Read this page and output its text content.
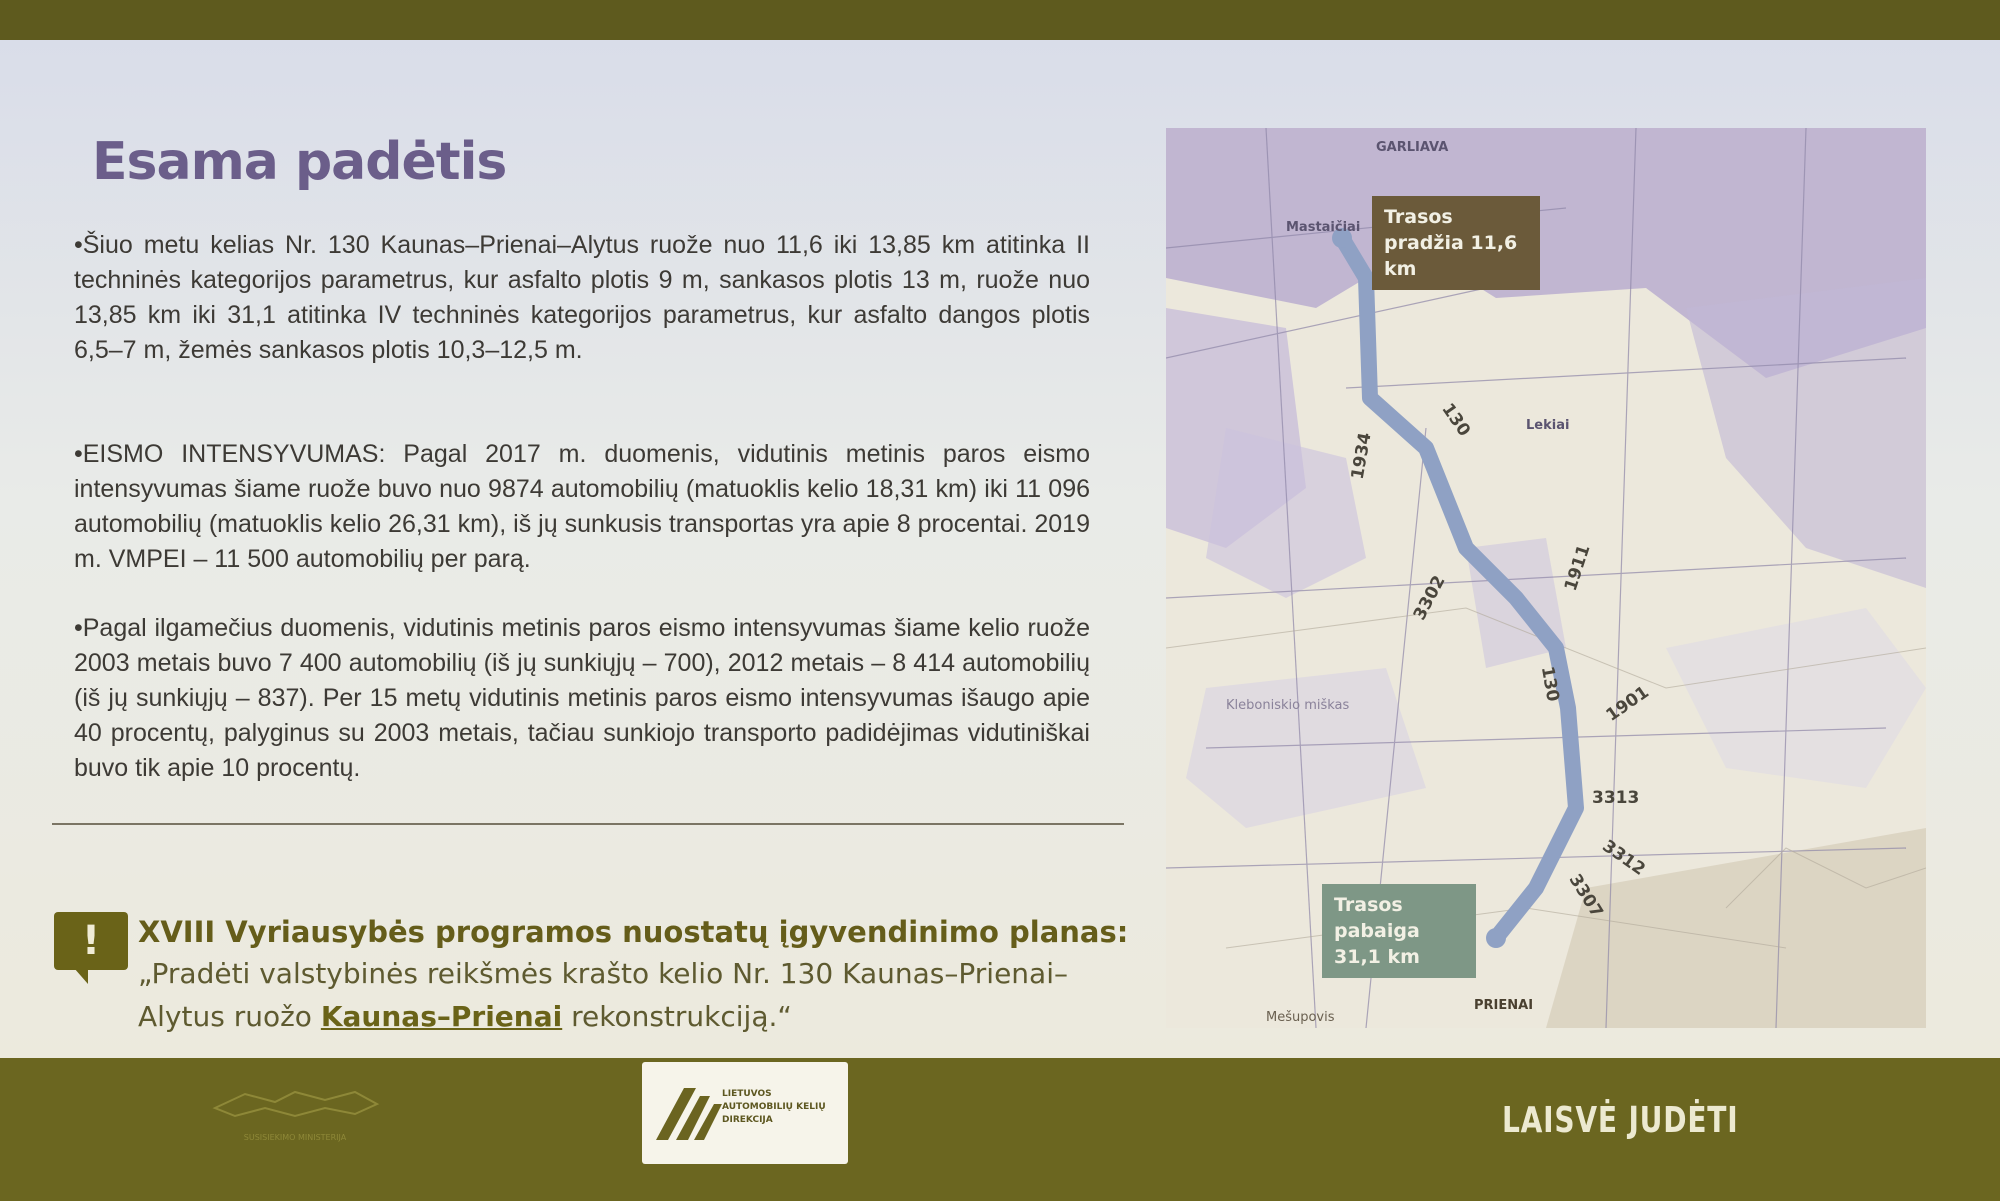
Esama padėtis

•Šiuo metu kelias Nr. 130 Kaunas–Prienai–Alytus ruože nuo 11,6 iki 13,85 km atitinka II techninės kategorijos parametrus, kur asfalto plotis 9 m, sankasos plotis 13 m, ruože nuo 13,85 km iki 31,1 atitinka IV techninės kategorijos parametrus, kur asfalto dangos plotis 6,5–7 m, žemės sankasos plotis 10,3–12,5 m.

•EISMO INTENSYVUMAS: Pagal 2017 m. duomenis, vidutinis metinis paros eismo intensyvumas šiame ruože buvo nuo 9874 automobilių (matuoklis kelio 18,31 km) iki 11 096 automobilių (matuoklis kelio 26,31 km), iš jų sunkusis transportas yra apie 8 procentai. 2019 m. VMPEI – 11 500 automobilių per parą.

•Pagal ilgamečius duomenis, vidutinis metinis paros eismo intensyvumas šiame kelio ruože 2003 metais buvo 7 400 automobilių (iš jų sunkiųjų – 700), 2012 metais – 8 414 automobilių (iš jų sunkiųjų – 837). Per 15 metų vidutinis metinis paros eismo intensyvumas išaugo apie 40 procentų, palyginus su 2003 metais, tačiau sunkiojo transporto padidėjimas vidutiniškai buvo tik apie 10 procentų.

!	XVIII Vyriausybės programos nuostatų įgyvendinimo planas:

„Pradėti valstybinės reikšmės krašto kelio Nr. 130 Kaunas–Prienai–Alytus ruožo Kaunas–Prienai rekonstrukciją.“

GARLIAVA
Mastaičiai
Lekiai
PRIENAI
Kleboniskio miškas
Mešupovis
130
1934
1911
3302
130 1901
3313
3312
3307
Trasos pradžia 11,6 km
Trasos pabaiga 31,1 km
SUSISIEKIMO MINISTERIJA
LIETUVOS AUTOMOBILIŲ KELIŲ DIREKCIJA	LAISVĖ JUDĖTI
